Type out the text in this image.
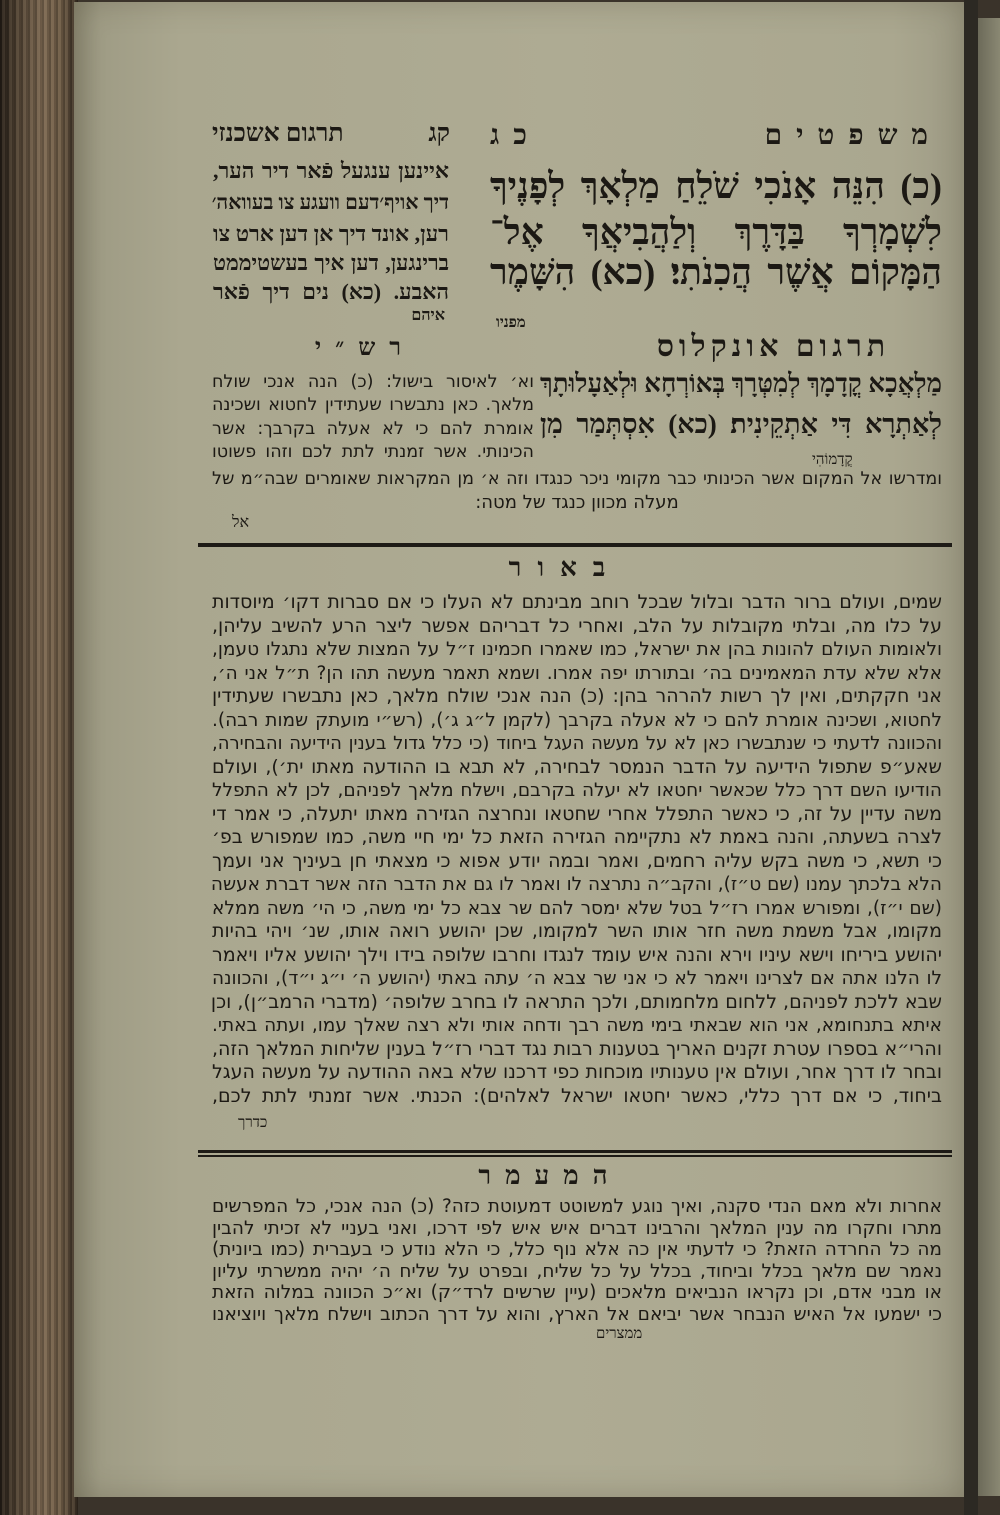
קג
תרגום אשכנזי	משפטים
כג
(כ) הִנֵּה אָנֹכִי שֹׁלֵחַ מַלְאָךְ לְפָנֶיךָ
לִשְׁמָרְךָ בַּדָּרֶךְ וְלַהֲבִיאֲךָ אֶל־
הַמָּקוֹם אֲשֶׁר הֲכִנֹתִי׃ (כא) הִשָּׁמֶר
מפניו
איינען ענגעל פֿאר דיר הער,
דיך אויף׳דעם וועגע צו בעוואה׳
רען, אונד דיך אן דען ארט צו
ברינגען, דען איך בעשטיממט
האבע. (כא) נים דיך פֿאר
איהם
תרגום אונקלוס
רש״י
מַלְאֲכָא קֳדָמָךְ לְמִטְּרָךְ בְּאוֹרְחָא וּלְאַעָלוּתָךְ
לְאַתְרָא דִּי אַתְקֵינִית׃ (כא) אִסְתְּמַר מִן
קֳדָמוֹהִי
וא׳ לאיסור בישול: (כ) הנה אנכי שולח
מלאך. כאן נתבשרו שעתידין לחטוא ושכינה
אומרת להם כי לא אעלה בקרבך: אשר
הכינותי. אשר זמנתי לתת לכם וזהו פשוטו
ומדרשו אל המקום אשר הכינותי כבר מקומי ניכר כנגדו וזה א׳ מן המקראות שאומרים שבה״מ של
מעלה מכוון כנגד של מטה:
אל
באור
שמים, ועולם ברור הדבר ובלול שבכל רוחב מבינתם לא העלו כי אם סברות דקו׳ מיוסדות
על כלו מה, ובלתי מקובלות על הלב, ואחרי כל דבריהם אפשר ליצר הרע להשיב עליהן,
ולאומות העולם להונות בהן את ישראל, כמו שאמרו חכמינו ז״ל על המצות שלא נתגלו טעמן,
אלא שלא עדת המאמינים בה׳ ובתורתו יפה אמרו. ושמא תאמר מעשה תהו הן? ת״ל אני ה׳,
אני חקקתים, ואין לך רשות להרהר בהן: (כ) הנה אנכי שולח מלאך, כאן נתבשרו שעתידין
לחטוא, ושכינה אומרת להם כי לא אעלה בקרבך (לקמן ל״ג ג׳), (רש״י מועתק שמות רבה).
והכוונה לדעתי כי שנתבשרו כאן לא על מעשה העגל ביחוד (כי כלל גדול בענין הידיעה והבחירה,
שאע״פ שתפול הידיעה על הדבר הנמסר לבחירה, לא תבא בו ההודעה מאתו ית׳), ועולם
הודיעו השם דרך כלל שכאשר יחטאו לא יעלה בקרבם, וישלח מלאך לפניהם, לכן לא התפלל
משה עדיין על זה, כי כאשר התפלל אחרי שחטאו ונחרצה הגזירה מאתו יתעלה, כי אמר די
לצרה בשעתה, והנה באמת לא נתקיימה הגזירה הזאת כל ימי חיי משה, כמו שמפורש בפ׳
כי תשא, כי משה בקש עליה רחמים, ואמר ובמה יודע אפוא כי מצאתי חן בעיניך אני ועמך
הלא בלכתך עמנו (שם ט״ז), והקב״ה נתרצה לו ואמר לו גם את הדבר הזה אשר דברת אעשה
(שם י״ז), ומפורש אמרו רז״ל בטל שלא ימסר להם שר צבא כל ימי משה, כי הי׳ משה ממלא
מקומו, אבל משמת משה חזר אותו השר למקומו, שכן יהושע רואה אותו, שנ׳ ויהי בהיות
יהושע ביריחו וישא עיניו וירא והנה איש עומד לנגדו וחרבו שלופה בידו וילך יהושע אליו ויאמר
לו הלנו אתה אם לצרינו ויאמר לא כי אני שר צבא ה׳ עתה באתי (יהושע ה׳ י״ג י״ד), והכוונה
שבא ללכת לפניהם, ללחום מלחמותם, ולכך התראה לו בחרב שלופה׳ (מדברי הרמב״ן), וכן
איתא בתנחומא, אני הוא שבאתי בימי משה רבך ודחה אותי ולא רצה שאלך עמו, ועתה באתי.
והרי״א בספרו עטרת זקנים האריך בטענות רבות נגד דברי רז״ל בענין שליחות המלאך הזה,
ובחר לו דרך אחר, ועולם אין טענותיו מוכחות כפי דרכנו שלא באה ההודעה על מעשה העגל
ביחוד, כי אם דרך כללי, כאשר יחטאו ישראל לאלהים): הכנתי. אשר זמנתי לתת לכם,
כדרך
המעמר
אחרות ולא מאם הנדי סקנה, ואיך נוגע למשוטט דמעוטת כזה? (כ) הנה אנכי, כל המפרשים
מתרו וחקרו מה ענין המלאך והרבינו דברים איש איש לפי דרכו, ואני בעניי לא זכיתי להבין
מה כל החרדה הזאת? כי לדעתי אין כה אלא נוף כלל, כי הלא נודע כי בעברית (כמו ביונית)
נאמר שם מלאך בכלל וביחוד, בכלל על כל שליח, ובפרט על שליח ה׳ יהיה ממשרתי עליון
או מבני אדם, וכן נקראו הנביאים מלאכים (עיין שרשים לרד״ק) וא״כ הכוונה במלוה הזאת
כי ישמעו אל האיש הנבחר אשר יביאם אל הארץ, והוא על דרך הכתוב וישלח מלאך ויוציאנו
ממצרים
